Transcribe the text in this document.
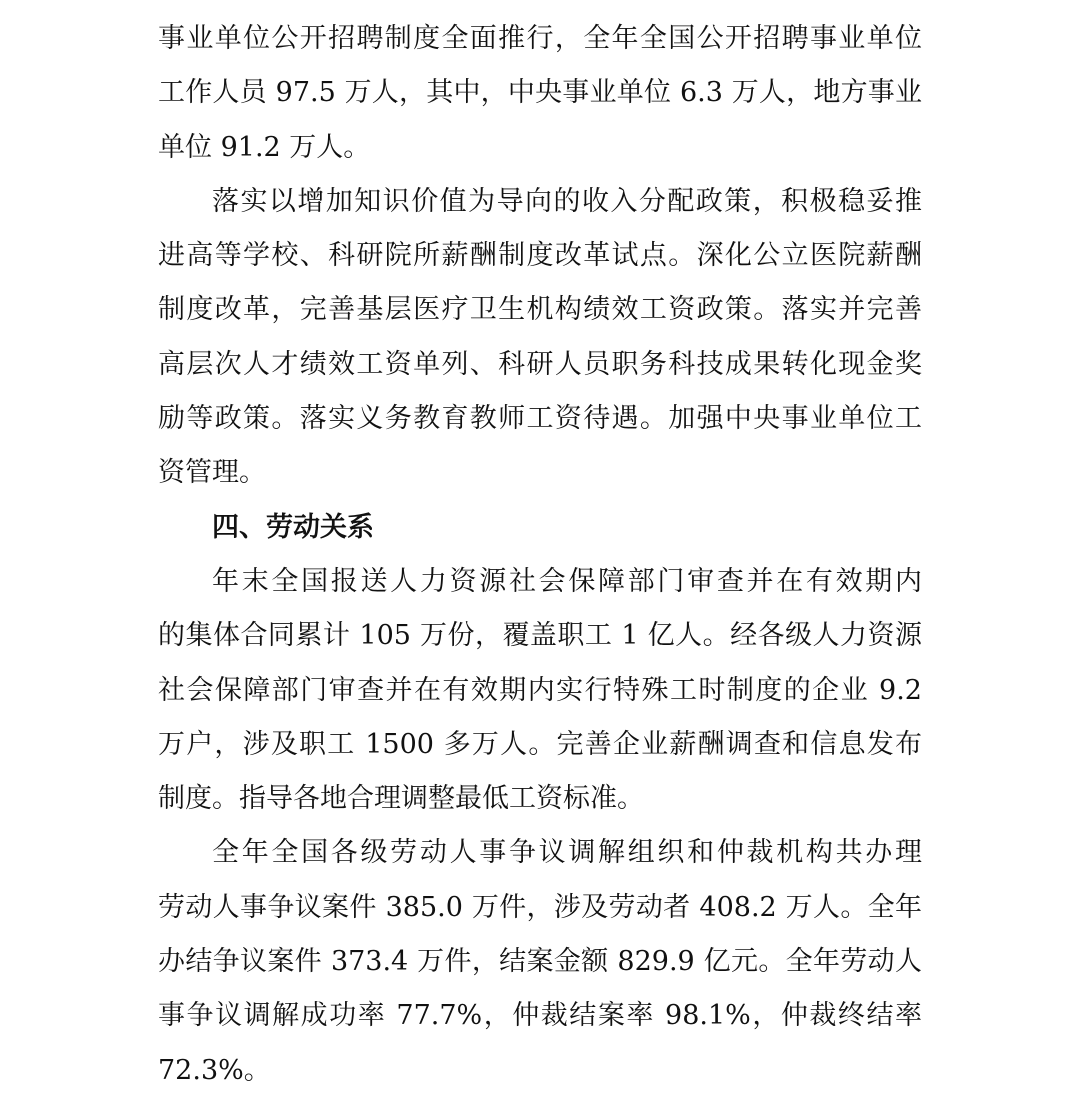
事业单位公开招聘制度全面推行，全年全国公开招聘事业单位
工作人员 97.5 万人，其中，中央事业单位 6.3 万人，地方事业
单位 91.2 万人。
落实以增加知识价值为导向的收入分配政策，积极稳妥推
进高等学校、科研院所薪酬制度改革试点。深化公立医院薪酬
制度改革，完善基层医疗卫生机构绩效工资政策。落实并完善
高层次人才绩效工资单列、科研人员职务科技成果转化现金奖
励等政策。落实义务教育教师工资待遇。加强中央事业单位工
资管理。
四、劳动关系
年末全国报送人力资源社会保障部门审查并在有效期内
的集体合同累计 105 万份，覆盖职工 1 亿人。经各级人力资源
社会保障部门审查并在有效期内实行特殊工时制度的企业 9.2
万户，涉及职工 1500 多万人。完善企业薪酬调查和信息发布
制度。指导各地合理调整最低工资标准。
全年全国各级劳动人事争议调解组织和仲裁机构共办理
劳动人事争议案件 385.0 万件，涉及劳动者 408.2 万人。全年
办结争议案件 373.4 万件，结案金额 829.9 亿元。全年劳动人
事争议调解成功率 77.7%，仲裁结案率 98.1%，仲裁终结率
72.3%。
